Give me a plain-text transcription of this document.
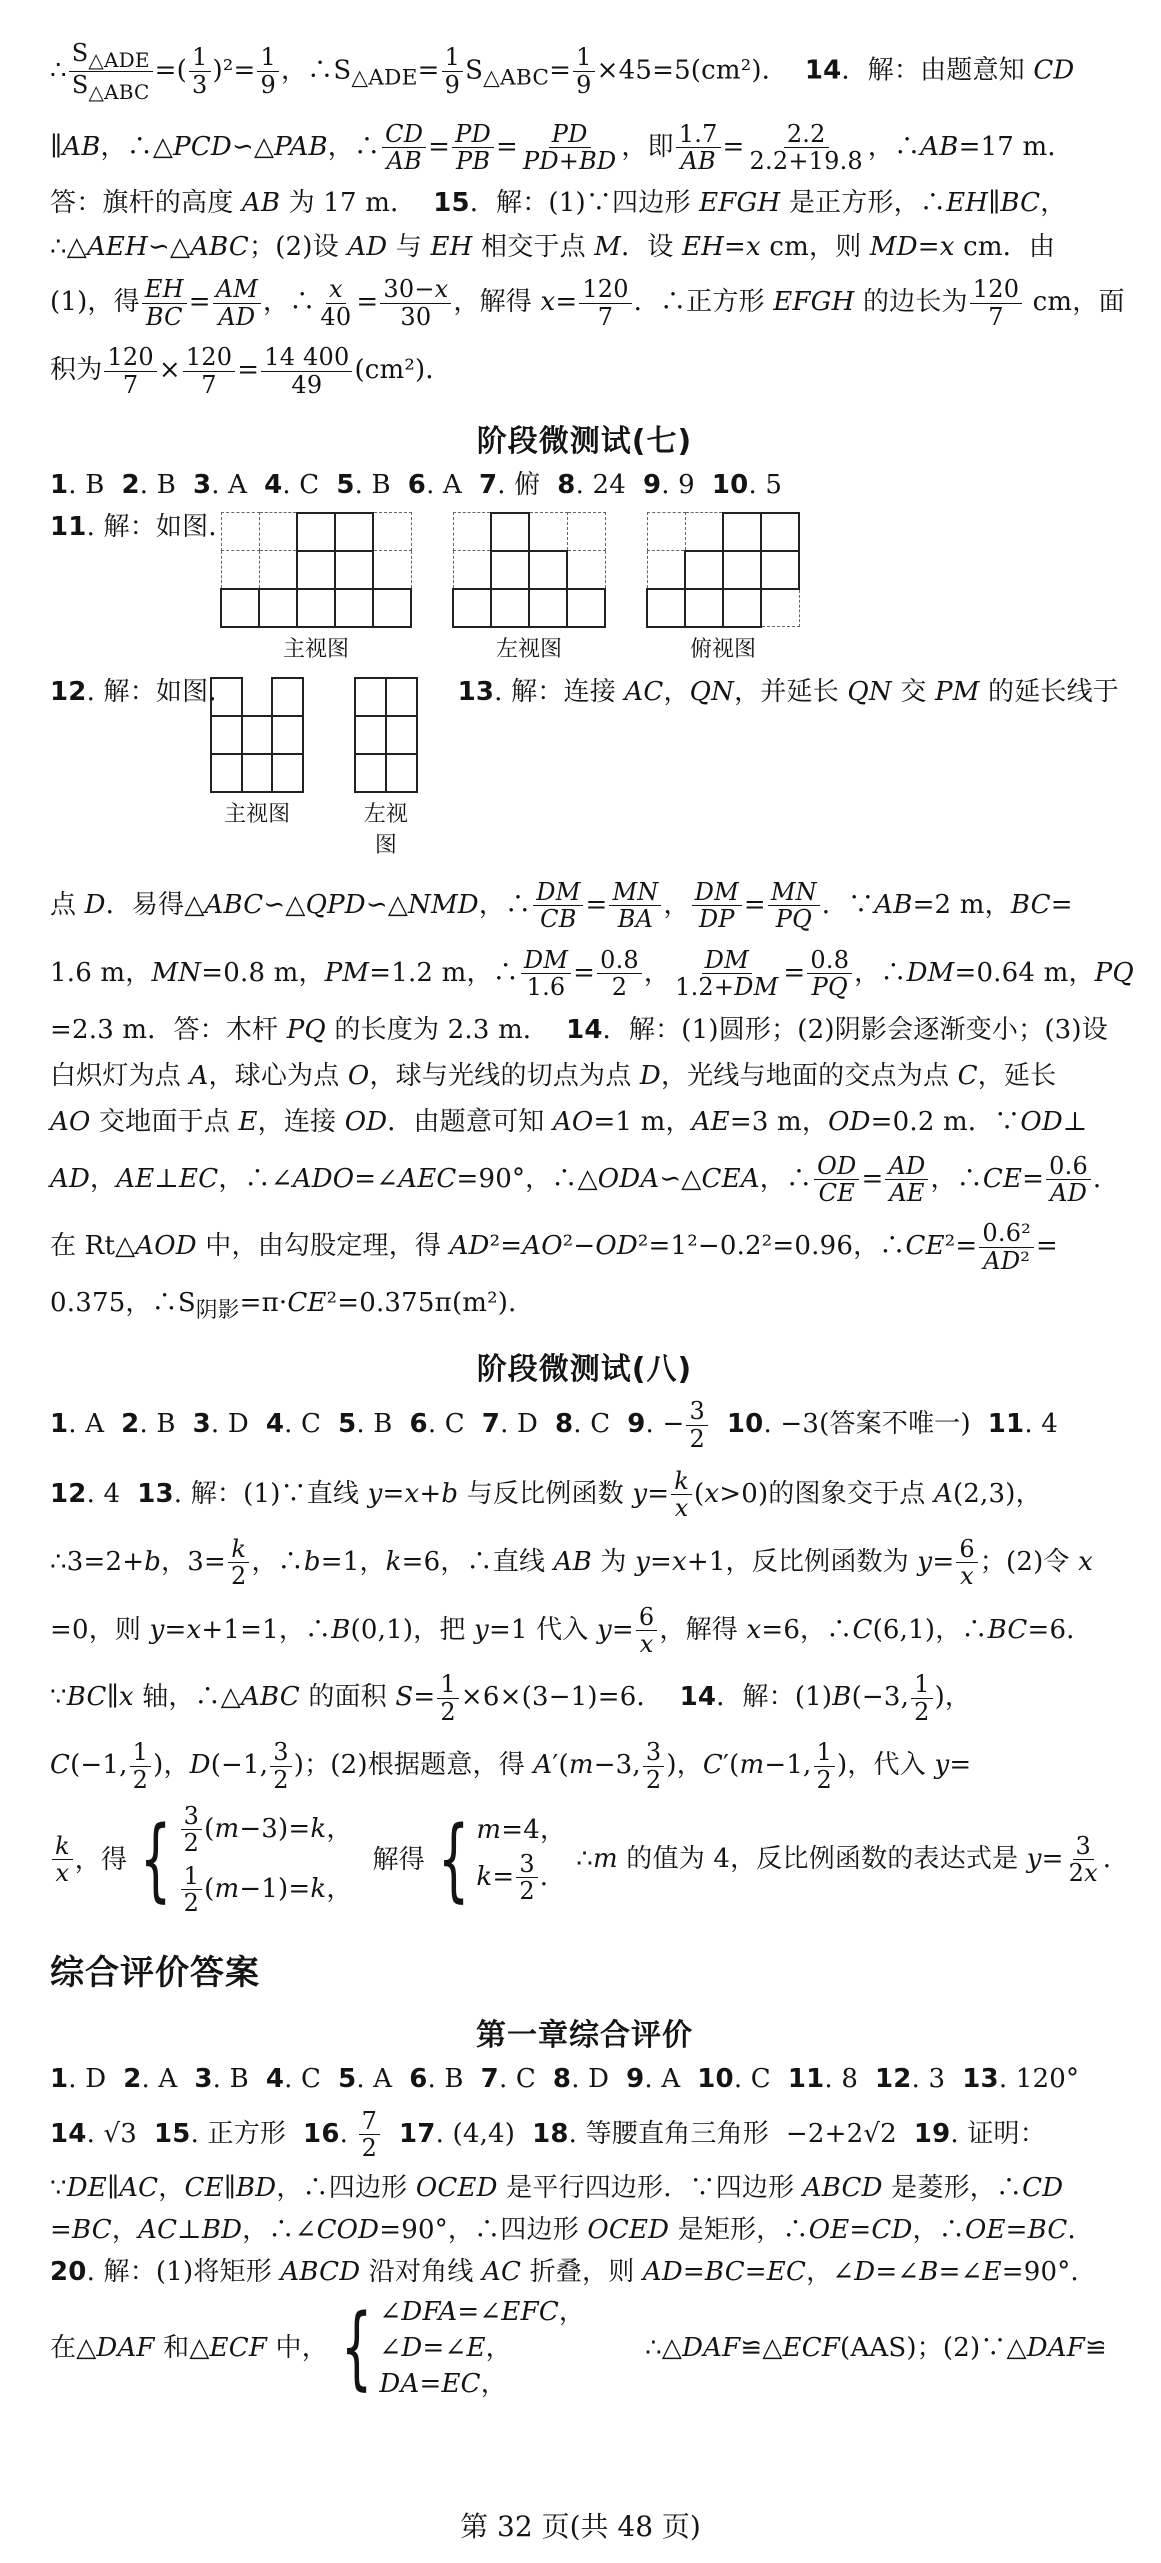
∴ $\frac{S_{\triangle ADE}}{S_{\triangle ABC}}$ =( $\frac{1}{3} )^2= \frac{1}{9}$ ，$\therefore S_{\triangle ADE}= \frac{1}{9} S_{\triangle ABC}= \frac{1}{9} \times 45=5(cm^2)$．  14．解：由题意知 CD
∥AB，∴△PCD∽△PAB，∴ $\frac{CD}{AB} = \frac{PD}{PB} = \frac{PD}{PD+BD}$ ，即 $\frac{1.7}{AB} = \frac{2.2}{2.2+19.8}$ ，∴AB=17 m．
答：旗杆的高度 AB 为 17 m．  15．解：(1)∵四边形 EFGH 是正方形，∴EH∥BC，
∴△AEH∽△ABC；(2)设 AD 与 EH 相交于点 M．设 EH=x cm，则 MD=x cm．由
(1)，得 $\frac{EH}{BC} = \frac{AM}{AD}$ ，∴ $\frac{x}{40} = \frac{30-x}{30}$ ，解得 $x= \frac{120}{7}$ ．∴正方形 EFGH 的边长为 $\frac{120}{7}$ cm，面
积为 $\frac{120}{7} \times \frac{120}{7} = \frac{14 400}{49} (cm^2)$．
阶段微测试(七)
1. B  2. B  3. A  4. C  5. B  6. A  7. 俯  8. 24  9. 9  10. 5
11. 解：如图．

主视图

				左视图

				俯视图
12. 解：如图．

主视图

		左视图
13. 解：连接 AC，QN，并延长 QN 交 PM 的延长线于
点 D．易得△ABC∽△QPD∽△NMD，∴ $\frac{DM}{CB} = \frac{MN}{BA}$ ， $\frac{DM}{DP} = \frac{MN}{PQ}$ ．∵AB=2 m，BC=
1.6 m，MN=0.8 m，PM=1.2 m，∴ $\frac{DM}{1.6} = \frac{0.8}{2}$ ， $\frac{DM}{1.2+DM} = \frac{0.8}{PQ}$ ，∴DM=0.64 m，PQ
=2.3 m．答：木杆 PQ 的长度为 2.3 m．  14．解：(1)圆形；(2)阴影会逐渐变小；(3)设
白炽灯为点 A，球心为点 O，球与光线的切点为点 D，光线与地面的交点为点 C，延长
AO 交地面于点 E，连接 OD．由题意可知 AO=1 m，AE=3 m，OD=0.2 m．∵OD⊥
AD，AE⊥EC，∴∠ADO=∠AEC=90°，∴△ODA∽△CEA，∴ $\frac{OD}{CE} = \frac{AD}{AE}$ ，∴CE= $\frac{0.6}{AD}$ ．
在 Rt△AOD 中，由勾股定理，得 AD²=AO²−OD²=1²−0.2²=0.96，∴CE²= $\frac{\text{0.6²}}{\text{AD²}}$ =
0.375，$\therefore S_{阴影}=\pi\cdot CE^2=0.375\pi(m^2)$．
阶段微测试(八)
1. A  2. B  3. D  4. C  5. B  6. C  7. D  8. C  9. − $\frac{3}{2} 10$. −3(答案不唯一)  11. 4
12. 4  13. 解：(1)∵直线 y=x+b 与反比例函数 $y= \frac{k}{x} (x>0)$的图象交于点 A(2,3)，
∴3=2+b，$3= \frac{k}{2}$ ，∴b=1，k=6，∴直线 AB 为 y=x+1，反比例函数为 $y= \frac{6}{x}$ ；(2)令 x
=0，则 y=x+1=1，∴B(0,1)，把 y=1 代入 $y= \frac{6}{x}$ ，解得 x=6，∴C(6,1)，∴BC=6．
∵BC∥x 轴，∴△ABC 的面积 $S= \frac{1}{2} \times 6\times(3-1)=6$．  14．解：(1)B(−3, $\frac{1}{2}$ )，
C(−1, $\frac{1}{2}$ )，D(−1, $\frac{3}{2}$ )；(2)根据题意，得 A′(m−3, $\frac{3}{2}$ )，C′(m−1, $\frac{1}{2}$ )，代入 y=
$\frac{k}{x}$ ，得 { $\frac{3}{2} (m-3)=k$，
$\frac{1}{2} (m-1)=k$，
解得 { m=4，
$k= \frac{3}{2}$ ．
∴m 的值为 4，反比例函数的表达式是 $y= \frac{3}{2x}$ ．
综合评价答案
第一章综合评价
1. D  2. A  3. B  4. C  5. A  6. B  7. C  8. D  9. A  10. C  11. 8  12. 3  13. 120°
14. √3  15. 正方形  16. $\frac{7}{2} 17$. (4,4)  18. 等腰直角三角形  −2+2√2  19. 证明：
∵DE∥AC，CE∥BD，∴四边形 OCED 是平行四边形．∵四边形 ABCD 是菱形，∴CD
=BC，AC⊥BD，∴∠COD=90°，∴四边形 OCED 是矩形，∴OE=CD，∴OE=BC．
20. 解：(1)将矩形 ABCD 沿对角线 AC 折叠，则 AD=BC=EC，∠D=∠B=∠E=90°．
在△DAF 和△ECF 中， { ∠DFA=∠EFC，
∠D=∠E，
DA=EC，
∴△DAF≌△ECF(AAS)；(2)∵△DAF≌
第 32 页(共 48 页)
